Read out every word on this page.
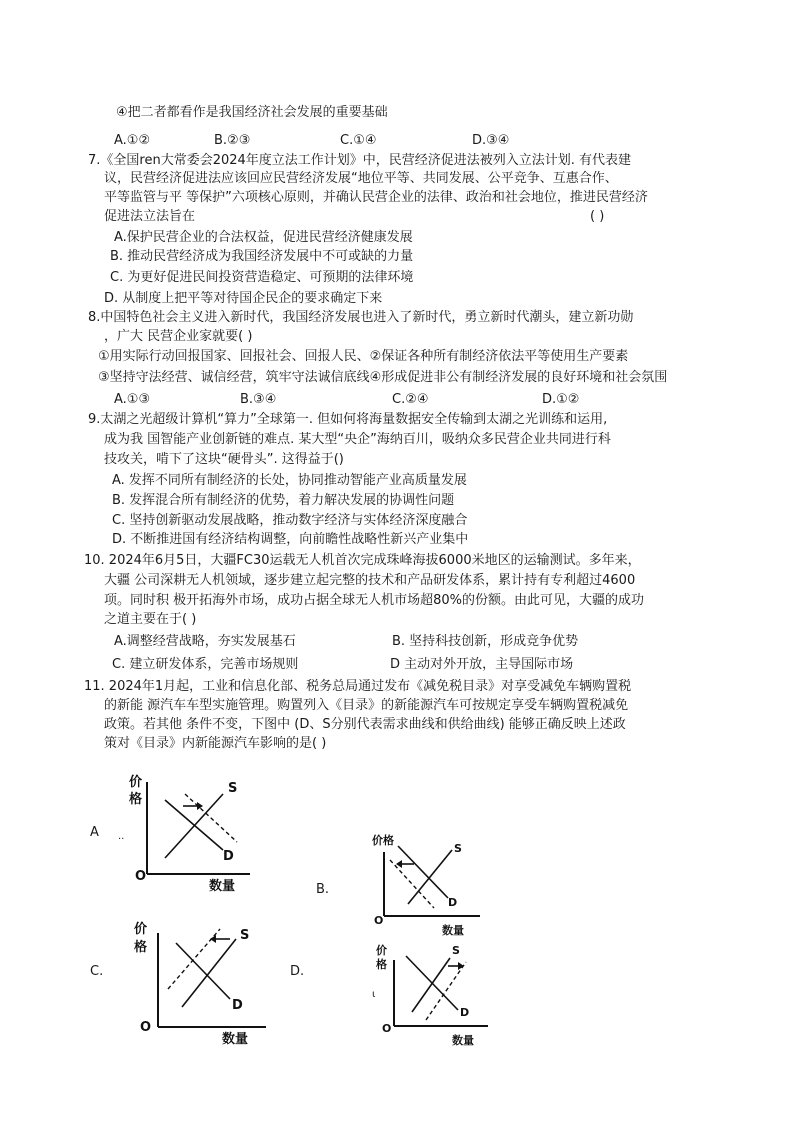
④把二者都看作是我国经济社会发展的重要基础
A.①②	B.②③	C.①④	D.③④
7.《全国ren大常委会2024年度立法工作计划》中，民营经济促进法被列入立法计划. 有代表建
议，民营经济促进法应该回应民营经济发展“地位平等、共同发展、公平竞争、互惠合作、
平等监管与平 等保护”六项核心原则，并确认民营企业的法律、政治和社会地位，推进民营经济
促进法立法旨在	( )
A.保护民营企业的合法权益，促进民营经济健康发展
B. 推动民营经济成为我国经济发展中不可或缺的力量
C. 为更好促进民间投资营造稳定、可预期的法律环境
D. 从制度上把平等对待国企民企的要求确定下来
8.中国特色社会主义进入新时代，我国经济发展也进入了新时代，勇立新时代潮头，建立新功勋
，广大 民营企业家就要( )
①用实际行动回报国家、回报社会、回报人民、②保证各种所有制经济依法平等使用生产要素
③坚持守法经营、诚信经营，筑牢守法诚信底线④形成促进非公有制经济发展的良好环境和社会氛围
A.①③	B.③④	C.②④	D.①②
9.太湖之光超级计算机“算力”全球第一. 但如何将海量数据安全传输到太湖之光训练和运用,
成为我 国智能产业创新链的难点. 某大型“央企”海纳百川，吸纳众多民营企业共同进行科
技攻关，啃下了这块“硬骨头”. 这得益于()
A. 发挥不同所有制经济的长处，协同推动智能产业高质量发展
B. 发挥混合所有制经济的优势，着力解决发展的协调性问题
C. 坚持创新驱动发展战略，推动数字经济与实体经济深度融合
D. 不断推进国有经济结构调整，向前瞻性战略性新兴产业集中
10. 2024年6月5日，大疆FC30运载无人机首次完成珠峰海拔6000米地区的运输测试。多年来，
大疆 公司深耕无人机领域，逐步建立起完整的技术和产品研发体系，累计持有专利超过4600
项。同时积 极开拓海外市场，成功占据全球无人机市场超80%的份额。由此可见，大疆的成功
之道主要在于( )
A.调整经营战略，夯实发展基石	B. 坚持科技创新，形成竞争优势
C. 建立研发体系，完善市场规则	D 主动对外开放，主导国际市场
11. 2024年1月起，工业和信息化部、税务总局通过发布《减免税目录》对享受减免车辆购置税
的新能 源汽车车型实施管理。购置列入《目录》的新能源汽车可按规定享受车辆购置税减免
政策。若其他 条件不变，下图中 (D、S分别代表需求曲线和供给曲线) 能够正确反映上述政
策对《目录》内新能源汽车影响的是( )
A ..
B.
C.	D.
ι
价
格
O
数量
S
D
价格
O
数量
S
D
价
格
O
数量
S
D
价
格
O
数量
S
D
